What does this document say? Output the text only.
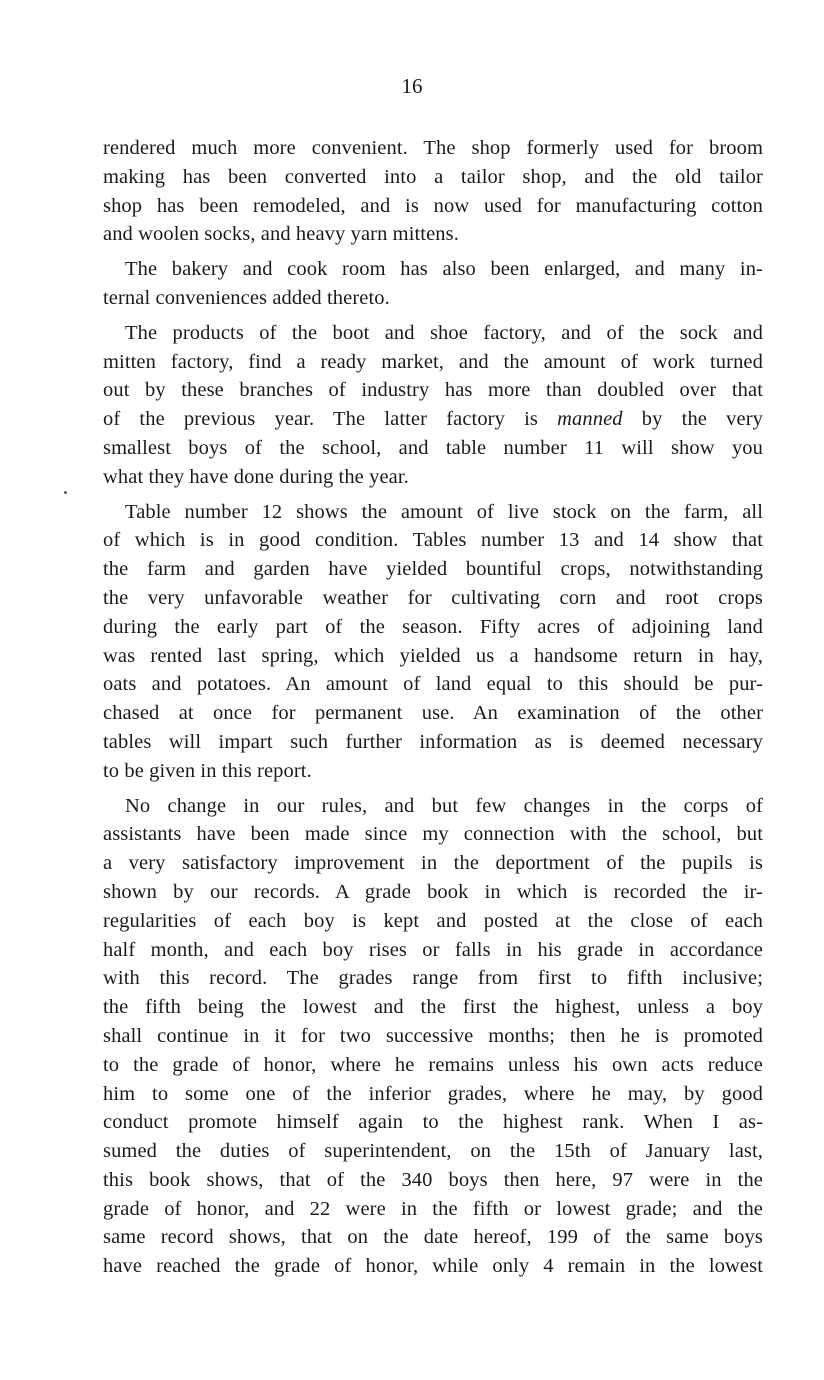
16
rendered much more convenient. The shop formerly used for broom
making has been converted into a tailor shop, and the old tailor
shop has been remodeled, and is now used for manufacturing cotton
and woolen socks, and heavy yarn mittens.
The bakery and cook room has also been enlarged, and many in-
ternal conveniences added thereto.
The products of the boot and shoe factory, and of the sock and
mitten factory, find a ready market, and the amount of work turned
out by these branches of industry has more than doubled over that
of the previous year. The latter factory is manned by the very
smallest boys of the school, and table number 11 will show you
what they have done during the year.
Table number 12 shows the amount of live stock on the farm, all
of which is in good condition. Tables number 13 and 14 show that
the farm and garden have yielded bountiful crops, notwithstanding
the very unfavorable weather for cultivating corn and root crops
during the early part of the season. Fifty acres of adjoining land
was rented last spring, which yielded us a handsome return in hay,
oats and potatoes. An amount of land equal to this should be pur-
chased at once for permanent use. An examination of the other
tables will impart such further information as is deemed necessary
to be given in this report.
No change in our rules, and but few changes in the corps of
assistants have been made since my connection with the school, but
a very satisfactory improvement in the deportment of the pupils is
shown by our records. A grade book in which is recorded the ir-
regularities of each boy is kept and posted at the close of each
half month, and each boy rises or falls in his grade in accordance
with this record. The grades range from first to fifth inclusive;
the fifth being the lowest and the first the highest, unless a boy
shall continue in it for two successive months; then he is promoted
to the grade of honor, where he remains unless his own acts reduce
him to some one of the inferior grades, where he may, by good
conduct promote himself again to the highest rank. When I as-
sumed the duties of superintendent, on the 15th of January last,
this book shows, that of the 340 boys then here, 97 were in the
grade of honor, and 22 were in the fifth or lowest grade; and the
same record shows, that on the date hereof, 199 of the same boys
have reached the grade of honor, while only 4 remain in the lowest
